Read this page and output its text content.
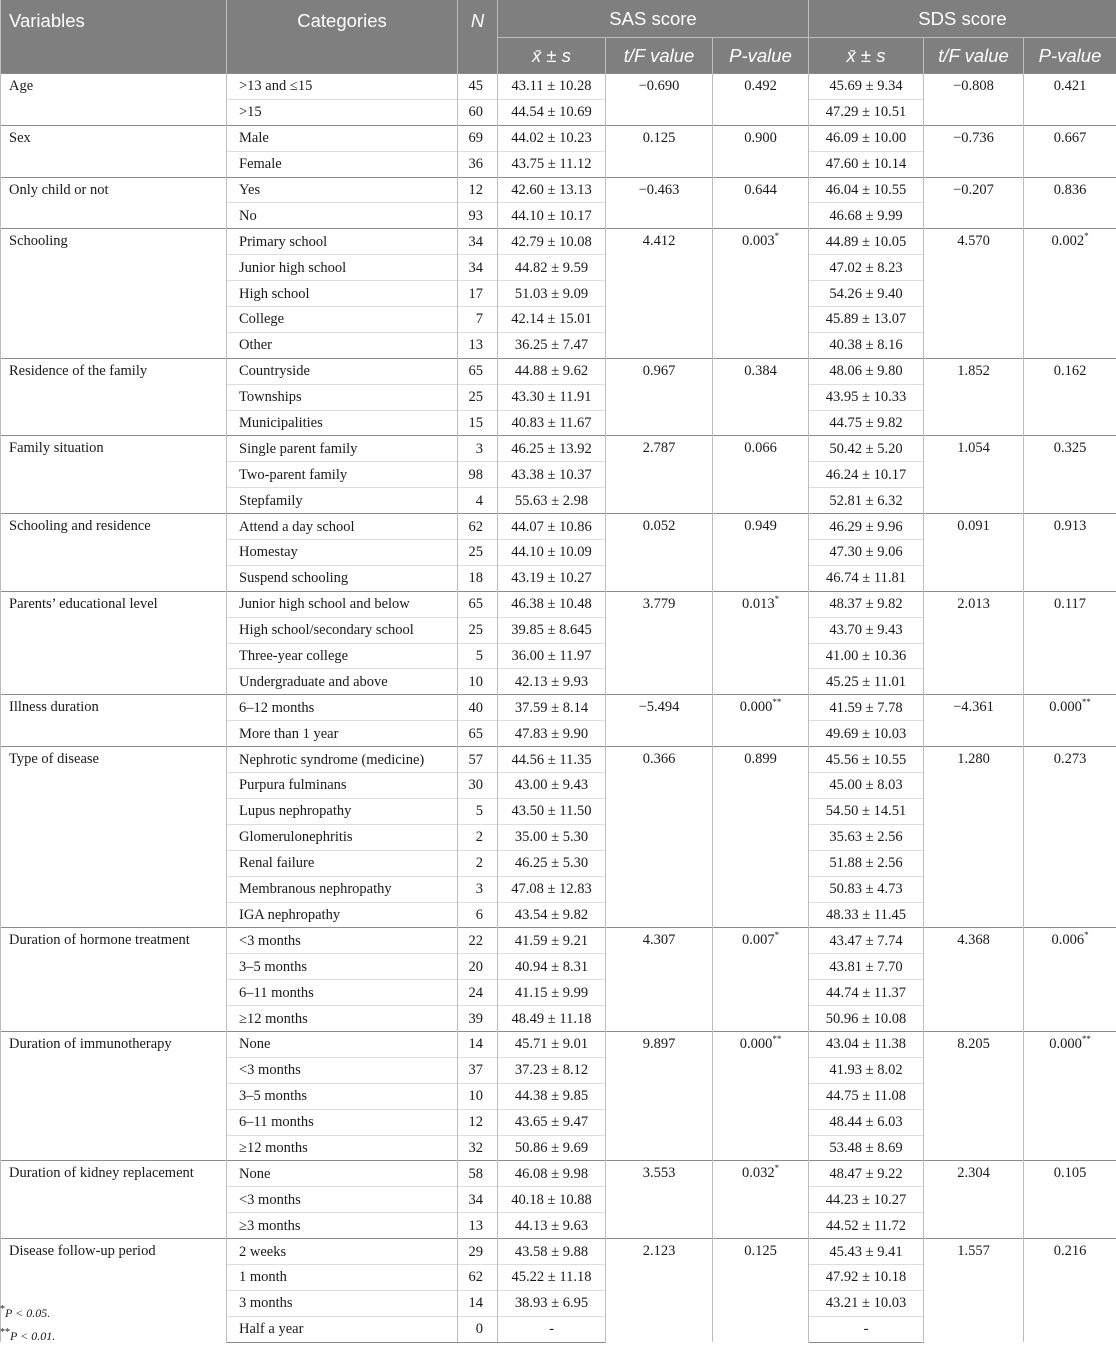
Variables	Categories	N	SAS score			SDS score		
			x̄ ± s	t/F value	P-value	x̄ ± s	t/F value	P-value
Age	>13 and ≤15	45	43.11 ± 10.28	−0.690	0.492	45.69 ± 9.34	−0.808	0.421
	>15	60	44.54 ± 10.69			47.29 ± 10.51		
Sex	Male	69	44.02 ± 10.23	0.125	0.900	46.09 ± 10.00	−0.736	0.667
	Female	36	43.75 ± 11.12			47.60 ± 10.14		
Only child or not	Yes	12	42.60 ± 13.13	−0.463	0.644	46.04 ± 10.55	−0.207	0.836
	No	93	44.10 ± 10.17			46.68 ± 9.99		
Schooling	Primary school	34	42.79 ± 10.08	4.412	0.003*	44.89 ± 10.05	4.570	0.002*
	Junior high school	34	44.82 ± 9.59			47.02 ± 8.23		
	High school	17	51.03 ± 9.09			54.26 ± 9.40		
	College	7	42.14 ± 15.01			45.89 ± 13.07		
	Other	13	36.25 ± 7.47			40.38 ± 8.16		
Residence of the family	Countryside	65	44.88 ± 9.62	0.967	0.384	48.06 ± 9.80	1.852	0.162
	Townships	25	43.30 ± 11.91			43.95 ± 10.33		
	Municipalities	15	40.83 ± 11.67			44.75 ± 9.82		
Family situation	Single parent family	3	46.25 ± 13.92	2.787	0.066	50.42 ± 5.20	1.054	0.325
	Two-parent family	98	43.38 ± 10.37			46.24 ± 10.17		
	Stepfamily	4	55.63 ± 2.98			52.81 ± 6.32		
Schooling and residence	Attend a day school	62	44.07 ± 10.86	0.052	0.949	46.29 ± 9.96	0.091	0.913
	Homestay	25	44.10 ± 10.09			47.30 ± 9.06		
	Suspend schooling	18	43.19 ± 10.27			46.74 ± 11.81		
Parents’ educational level	Junior high school and below	65	46.38 ± 10.48	3.779	0.013*	48.37 ± 9.82	2.013	0.117
	High school/secondary school	25	39.85 ± 8.645			43.70 ± 9.43		
	Three-year college	5	36.00 ± 11.97			41.00 ± 10.36		
	Undergraduate and above	10	42.13 ± 9.93			45.25 ± 11.01		
Illness duration	6–12 months	40	37.59 ± 8.14	−5.494	0.000**	41.59 ± 7.78	−4.361	0.000**
	More than 1 year	65	47.83 ± 9.90			49.69 ± 10.03		
Type of disease	Nephrotic syndrome (medicine)	57	44.56 ± 11.35	0.366	0.899	45.56 ± 10.55	1.280	0.273
	Purpura fulminans	30	43.00 ± 9.43			45.00 ± 8.03		
	Lupus nephropathy	5	43.50 ± 11.50			54.50 ± 14.51		
	Glomerulonephritis	2	35.00 ± 5.30			35.63 ± 2.56		
	Renal failure	2	46.25 ± 5.30			51.88 ± 2.56		
	Membranous nephropathy	3	47.08 ± 12.83			50.83 ± 4.73		
	IGA nephropathy	6	43.54 ± 9.82			48.33 ± 11.45		
Duration of hormone treatment	<3 months	22	41.59 ± 9.21	4.307	0.007*	43.47 ± 7.74	4.368	0.006*
	3–5 months	20	40.94 ± 8.31			43.81 ± 7.70		
	6–11 months	24	41.15 ± 9.99			44.74 ± 11.37		
	≥12 months	39	48.49 ± 11.18			50.96 ± 10.08		
Duration of immunotherapy	None	14	45.71 ± 9.01	9.897	0.000**	43.04 ± 11.38	8.205	0.000**
	<3 months	37	37.23 ± 8.12			41.93 ± 8.02		
	3–5 months	10	44.38 ± 9.85			44.75 ± 11.08		
	6–11 months	12	43.65 ± 9.47			48.44 ± 6.03		
	≥12 months	32	50.86 ± 9.69			53.48 ± 8.69		
Duration of kidney replacement	None	58	46.08 ± 9.98	3.553	0.032*	48.47 ± 9.22	2.304	0.105
	<3 months	34	40.18 ± 10.88			44.23 ± 10.27		
	≥3 months	13	44.13 ± 9.63			44.52 ± 11.72		
Disease follow-up period	2 weeks	29	43.58 ± 9.88	2.123	0.125	45.43 ± 9.41	1.557	0.216
	1 month	62	45.22 ± 11.18			47.92 ± 10.18		
	3 months	14	38.93 ± 6.95			43.21 ± 10.03		
	Half a year	0	-			-		
*P < 0.05.
**P < 0.01.
